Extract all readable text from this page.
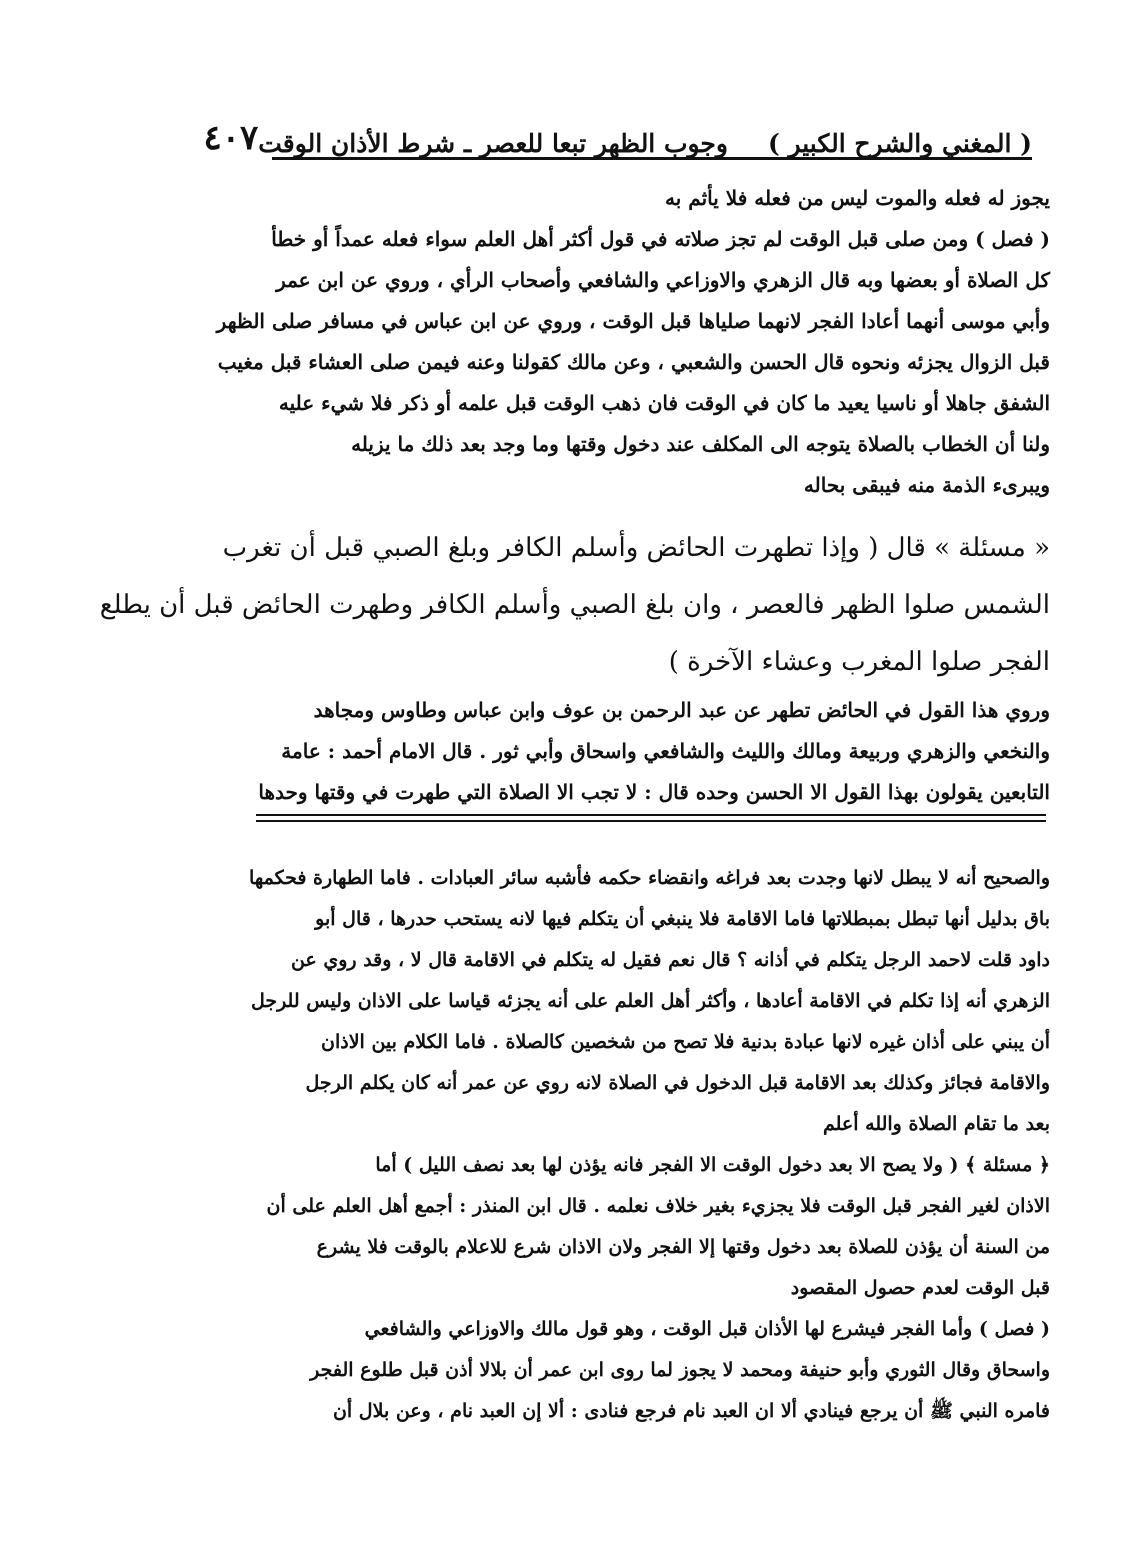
( المغني والشرح الكبير )
وجوب الظهر تبعا للعصر ـ شرط الأذان الوقت
٤٠٧
يجوز له فعله والموت ليس من فعله فلا يأثم به
( فصل ) ومن صلى قبل الوقت لم تجز صلاته في قول أكثر أهل العلم سواء فعله عمداً أو خطأ
كل الصلاة أو بعضها وبه قال الزهري والاوزاعي والشافعي وأصحاب الرأي ، وروي عن ابن عمر
وأبي موسى أنهما أعادا الفجر لانهما صلياها قبل الوقت ، وروي عن ابن عباس في مسافر صلى الظهر
قبل الزوال يجزئه ونحوه قال الحسن والشعبي ، وعن مالك كقولنا وعنه فيمن صلى العشاء قبل مغيب
الشفق جاهلا أو ناسيا يعيد ما كان في الوقت فان ذهب الوقت قبل علمه أو ذكر فلا شيء عليه
ولنا أن الخطاب بالصلاة يتوجه الى المكلف عند دخول وقتها وما وجد بعد ذلك ما يزيله
ويبرىء الذمة منه فيبقى بحاله
« مسئلة » قال ( وإذا تطهرت الحائض وأسلم الكافر وبلغ الصبي قبل أن تغرب
الشمس صلوا الظهر فالعصر ، وان بلغ الصبي وأسلم الكافر وطهرت الحائض قبل أن يطلع
الفجر صلوا المغرب وعشاء الآخرة )
وروي هذا القول في الحائض تطهر عن عبد الرحمن بن عوف وابن عباس وطاوس ومجاهد
والنخعي والزهري وربيعة ومالك والليث والشافعي واسحاق وأبي ثور . قال الامام أحمد : عامة
التابعين يقولون بهذا القول الا الحسن وحده قال : لا تجب الا الصلاة التي طهرت في وقتها وحدها
والصحيح أنه لا يبطل لانها وجدت بعد فراغه وانقضاء حكمه فأشبه سائر العبادات . فاما الطهارة فحكمها
باق بدليل أنها تبطل بمبطلاتها فاما الاقامة فلا ينبغي أن يتكلم فيها لانه يستحب حدرها ، قال أبو
داود قلت لاحمد الرجل يتكلم في أذانه ؟ قال نعم فقيل له يتكلم في الاقامة قال لا ، وقد روي عن
الزهري أنه إذا تكلم في الاقامة أعادها ، وأكثر أهل العلم على أنه يجزئه قياسا على الاذان وليس للرجل
أن يبني على أذان غيره لانها عبادة بدنية فلا تصح من شخصين كالصلاة . فاما الكلام بين الاذان
والاقامة فجائز وكذلك بعد الاقامة قبل الدخول في الصلاة لانه روي عن عمر أنه كان يكلم الرجل
بعد ما تقام الصلاة والله أعلم
﴿ مسئلة ﴾ ( ولا يصح الا بعد دخول الوقت الا الفجر فانه يؤذن لها بعد نصف الليل ) أما
الاذان لغير الفجر قبل الوقت فلا يجزيء بغير خلاف نعلمه . قال ابن المنذر : أجمع أهل العلم على أن
من السنة أن يؤذن للصلاة بعد دخول وقتها إلا الفجر ولان الاذان شرع للاعلام بالوقت فلا يشرع
قبل الوقت لعدم حصول المقصود
( فصل ) وأما الفجر فيشرع لها الأذان قبل الوقت ، وهو قول مالك والاوزاعي والشافعي
واسحاق وقال الثوري وأبو حنيفة ومحمد لا يجوز لما روى ابن عمر أن بلالا أذن قبل طلوع الفجر
فامره النبي ﷺ أن يرجع فينادي ألا ان العبد نام فرجع فنادى : ألا إن العبد نام ، وعن بلال أن
